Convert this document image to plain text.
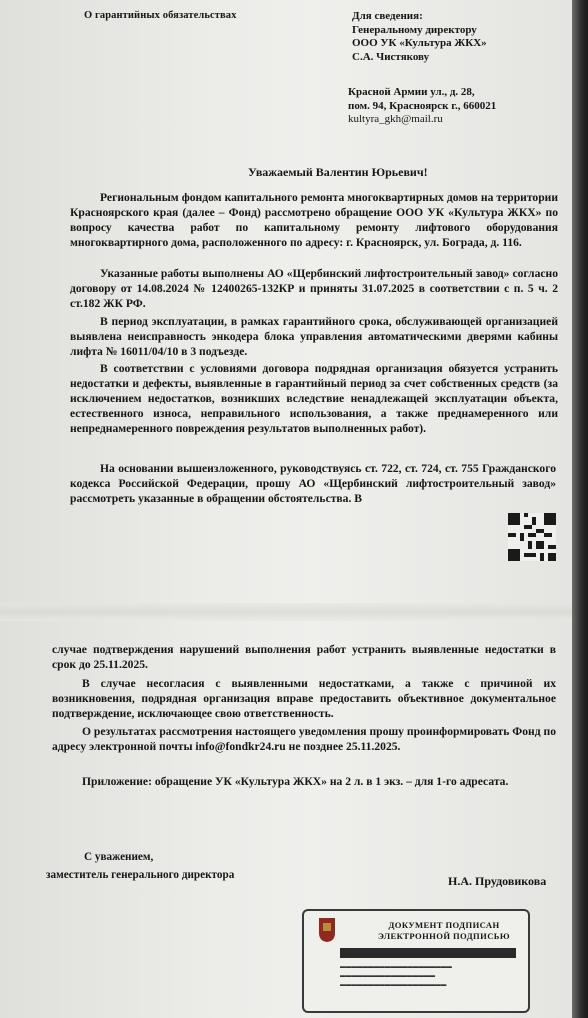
О гарантийных обязательствах	Для сведения:
Генеральному директору
ООО УК «Культура ЖКХ»
С.А. Чистякову
Красной Армии ул., д. 28,
пом. 94, Красноярск г., 660021
kultyra_gkh@mail.ru
Уважаемый Валентин Юрьевич!
Региональным фондом капитального ремонта многоквартирных домов на территории Красноярского края (далее – Фонд) рассмотрено обращение ООО УК «Культура ЖКХ» по вопросу качества работ по капитальному ремонту лифтового оборудования многоквартирного дома, расположенного по адресу: г. Красноярск, ул. Бограда, д. 116.
Указанные работы выполнены АО «Щербинский лифтостроительный завод» согласно договору от 14.08.2024 № 12400265-132КР и приняты 31.07.2025 в соответствии с п. 5 ч. 2 ст.182 ЖК РФ.
В период эксплуатации, в рамках гарантийного срока, обслуживающей организацией выявлена неисправность энкодера блока управления автоматическими дверями кабины лифта № 16011/04/10 в 3 подъезде.
В соответствии с условиями договора подрядная организация обязуется устранить недостатки и дефекты, выявленные в гарантийный период за счет собственных средств (за исключением недостатков, возникших вследствие ненадлежащей эксплуатации объекта, естественного износа, неправильного использования, а также преднамеренного или непреднамеренного повреждения результатов выполненных работ).
На основании вышеизложенного, руководствуясь ст. 722, ст. 724, ст. 755 Гражданского кодекса Российской Федерации, прошу АО «Щербинский лифтостроительный завод» рассмотреть указанные в обращении обстоятельства. В
случае подтверждения нарушений выполнения работ устранить выявленные недостатки в срок до 25.11.2025.
В случае несогласия с выявленными недостатками, а также с причиной их возникновения, подрядная организация вправе предоставить объективное документальное подтверждение, исключающее свою ответственность.
О результатах рассмотрения настоящего уведомления прошу проинформировать Фонд по адресу электронной почты info@fondkr24.ru не позднее 25.11.2025.
Приложение: обращение УК «Культура ЖКХ» на 2 л. в 1 экз. – для 1-го адресата.
С уважением,
заместитель генерального директора	Н.А. Прудовикова
ДОКУМЕНТ ПОДПИСАН ЭЛЕКТРОННОЙ ПОДПИСЬЮ
▬▬▬▬▬▬▬▬▬▬▬▬▬▬▬▬▬▬▬▬
▬▬▬▬▬▬▬▬▬▬▬▬▬▬▬▬▬
▬▬▬▬▬▬▬▬▬▬▬▬▬▬▬▬▬▬▬
